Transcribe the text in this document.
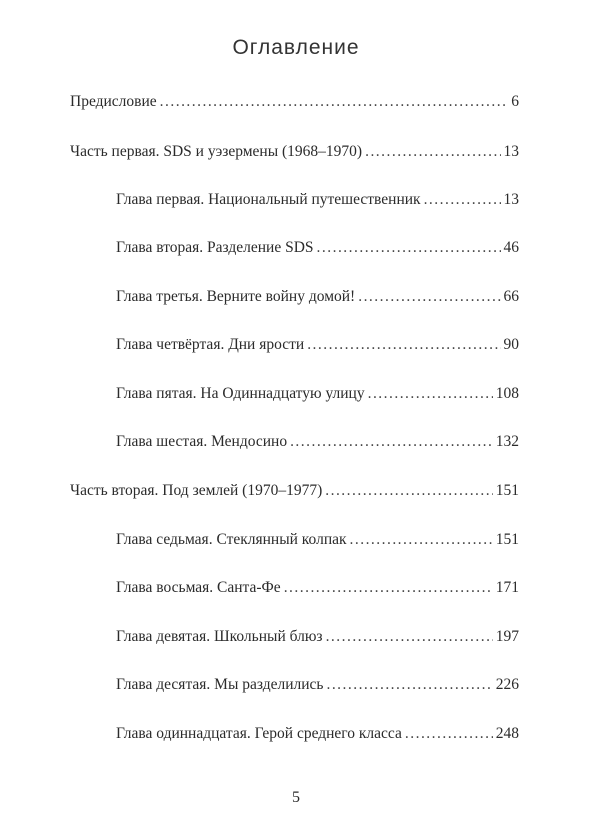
Оглавление
Предисловие . . .	6
Часть первая. SDS и уэзермены (1968–1970) . . .	13
Глава первая. Национальный путешественник . . .	13
Глава вторая. Разделение SDS . . .	46
Глава третья. Верните войну домой! . . .	66
Глава четвёртая. Дни ярости . . .	90
Глава пятая. На Одиннадцатую улицу . . .	108
Глава шестая. Мендосино . . .	132
Часть вторая. Под землей (1970–1977) . . .	151
Глава седьмая. Стеклянный колпак . . .	151
Глава восьмая. Санта-Фе . . .	171
Глава девятая. Школьный блюз . . .	197
Глава десятая. Мы разделились . . .	226
Глава одиннадцатая. Герой среднего класса . . .	248
5
